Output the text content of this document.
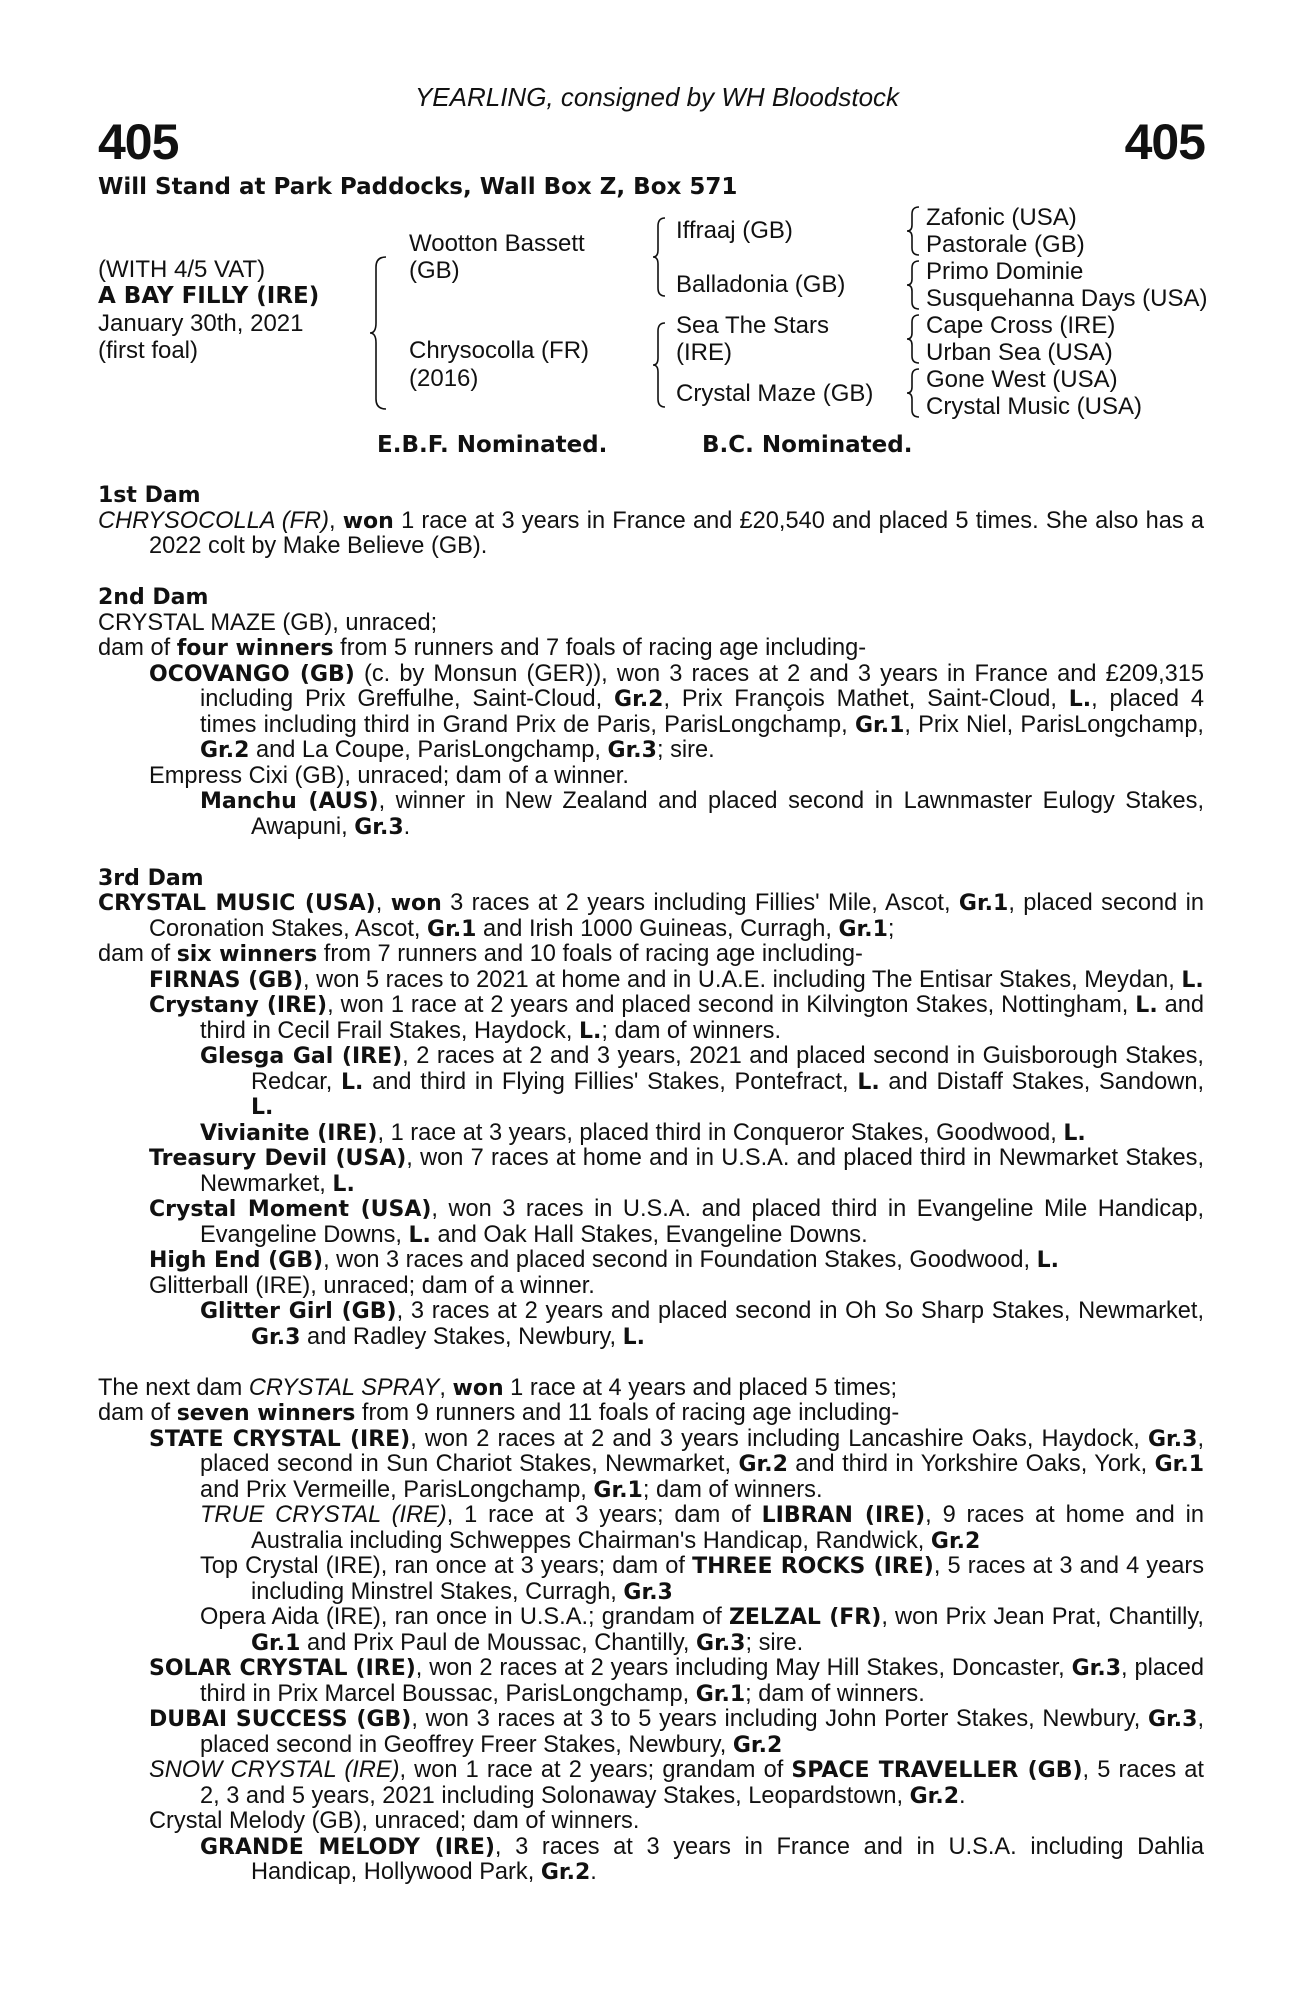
YEARLING, consigned by WH Bloodstock
405	405
Will Stand at Park Paddocks, Wall Box Z, Box 571
(WITH 4/5 VAT)
A BAY FILLY (IRE)
January 30th, 2021
(first foal)
Wootton Bassett
(GB)
Chrysocolla (FR)
(2016)
Iffraaj (GB)
Balladonia (GB)
Sea The Stars
(IRE)
Crystal Maze (GB)
Zafonic (USA)
Pastorale (GB)
Primo Dominie
Susquehanna Days (USA)
Cape Cross (IRE)
Urban Sea (USA)
Gone West (USA)
Crystal Music (USA)
E.B.F. Nominated.	B.C. Nominated.
1st Dam
CHRYSOCOLLA (FR), won 1 race at 3 years in France and £20,540 and placed 5 times. She also has a 2022 colt by Make Believe (GB).
2nd Dam
CRYSTAL MAZE (GB), unraced;
dam of four winners from 5 runners and 7 foals of racing age including-
OCOVANGO (GB) (c. by Monsun (GER)), won 3 races at 2 and 3 years in France and £209,315 including Prix Greffulhe, Saint-Cloud, Gr.2, Prix François Mathet, Saint-Cloud, L., placed 4 times including third in Grand Prix de Paris, ParisLongchamp, Gr.1, Prix Niel, ParisLongchamp, Gr.2 and La Coupe, ParisLongchamp, Gr.3; sire.
Empress Cixi (GB), unraced; dam of a winner.
Manchu (AUS), winner in New Zealand and placed second in Lawnmaster Eulogy Stakes, Awapuni, Gr.3.
3rd Dam
CRYSTAL MUSIC (USA), won 3 races at 2 years including Fillies' Mile, Ascot, Gr.1, placed second in Coronation Stakes, Ascot, Gr.1 and Irish 1000 Guineas, Curragh, Gr.1;
dam of six winners from 7 runners and 10 foals of racing age including-
FIRNAS (GB), won 5 races to 2021 at home and in U.A.E. including The Entisar Stakes, Meydan, L.
Crystany (IRE), won 1 race at 2 years and placed second in Kilvington Stakes, Nottingham, L. and third in Cecil Frail Stakes, Haydock, L.; dam of winners.
Glesga Gal (IRE), 2 races at 2 and 3 years, 2021 and placed second in Guisborough Stakes, Redcar, L. and third in Flying Fillies' Stakes, Pontefract, L. and Distaff Stakes, Sandown, L.
Vivianite (IRE), 1 race at 3 years, placed third in Conqueror Stakes, Goodwood, L.
Treasury Devil (USA), won 7 races at home and in U.S.A. and placed third in Newmarket Stakes, Newmarket, L.
Crystal Moment (USA), won 3 races in U.S.A. and placed third in Evangeline Mile Handicap, Evangeline Downs, L. and Oak Hall Stakes, Evangeline Downs.
High End (GB), won 3 races and placed second in Foundation Stakes, Goodwood, L.
Glitterball (IRE), unraced; dam of a winner.
Glitter Girl (GB), 3 races at 2 years and placed second in Oh So Sharp Stakes, Newmarket, Gr.3 and Radley Stakes, Newbury, L.
The next dam CRYSTAL SPRAY, won 1 race at 4 years and placed 5 times;
dam of seven winners from 9 runners and 11 foals of racing age including-
STATE CRYSTAL (IRE), won 2 races at 2 and 3 years including Lancashire Oaks, Haydock, Gr.3, placed second in Sun Chariot Stakes, Newmarket, Gr.2 and third in Yorkshire Oaks, York, Gr.1 and Prix Vermeille, ParisLongchamp, Gr.1; dam of winners.
TRUE CRYSTAL (IRE), 1 race at 3 years; dam of LIBRAN (IRE), 9 races at home and in Australia including Schweppes Chairman's Handicap, Randwick, Gr.2
Top Crystal (IRE), ran once at 3 years; dam of THREE ROCKS (IRE), 5 races at 3 and 4 years including Minstrel Stakes, Curragh, Gr.3
Opera Aida (IRE), ran once in U.S.A.; grandam of ZELZAL (FR), won Prix Jean Prat, Chantilly, Gr.1 and Prix Paul de Moussac, Chantilly, Gr.3; sire.
SOLAR CRYSTAL (IRE), won 2 races at 2 years including May Hill Stakes, Doncaster, Gr.3, placed third in Prix Marcel Boussac, ParisLongchamp, Gr.1; dam of winners.
DUBAI SUCCESS (GB), won 3 races at 3 to 5 years including John Porter Stakes, Newbury, Gr.3, placed second in Geoffrey Freer Stakes, Newbury, Gr.2
SNOW CRYSTAL (IRE), won 1 race at 2 years; grandam of SPACE TRAVELLER (GB), 5 races at 2, 3 and 5 years, 2021 including Solonaway Stakes, Leopardstown, Gr.2.
Crystal Melody (GB), unraced; dam of winners.
GRANDE MELODY (IRE), 3 races at 3 years in France and in U.S.A. including Dahlia Handicap, Hollywood Park, Gr.2.
